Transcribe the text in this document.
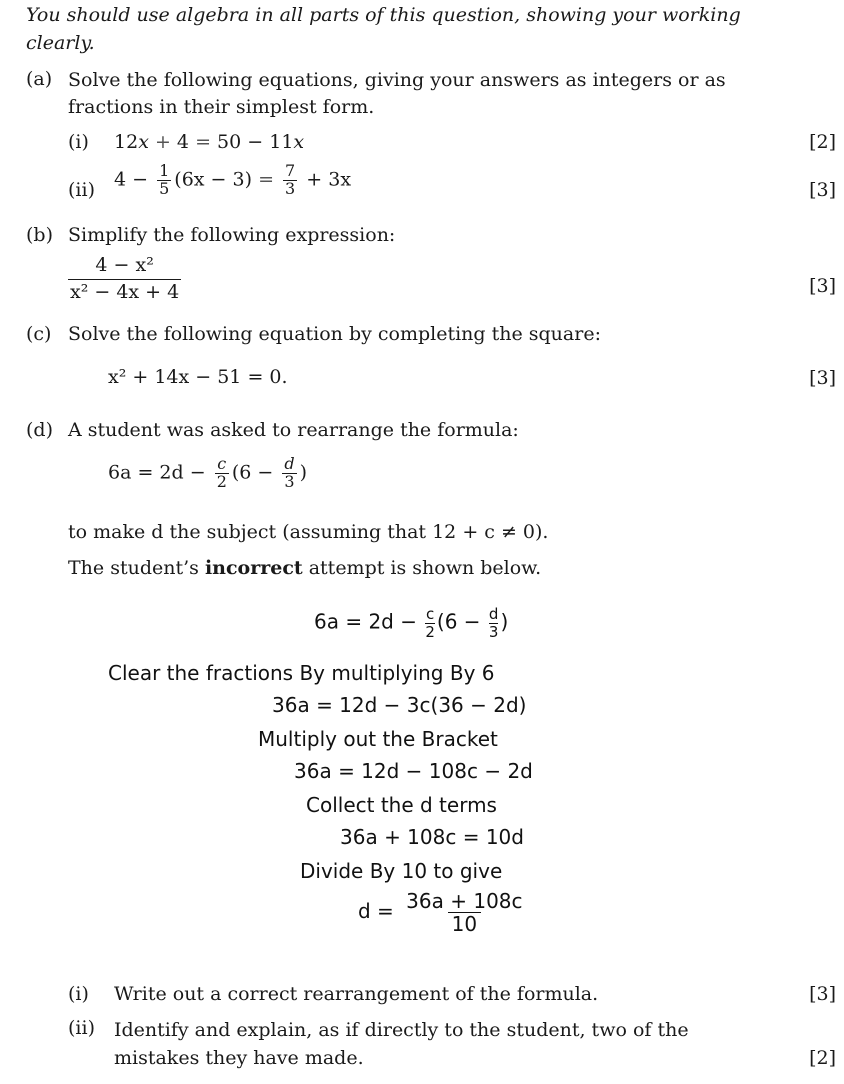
You should use algebra in all parts of this question, showing your working clearly.
(a) Solve the following equations, giving your answers as integers or as fractions in their simplest form.
(i) 12x + 4 = 50 − 11x	[2]
(ii) $4 - \frac{1}{5} (6x - 3) = \frac{7}{3} + 3x$	[3]
(b) Simplify the following expression:
$\frac{\text{4 − x²}}{\text{x² − 4x + 4}}$	[3]
(c) Solve the following equation by completing the square:
x² + 14x − 51 = 0.	[3]
(d) A student was asked to rearrange the formula:
$6a = 2d - \frac{c}{2} (6 - \frac{d}{3}$ )
to make d the subject (assuming that 12 + c ≠ 0).
The student’s incorrect attempt is shown below.
$6a = 2d - \frac{c}{2} (6 - \frac{d}{3}$ )
Clear the fractions By multiplying By 6
36a = 12d − 3c(36 − 2d)
Multiply out the Bracket
36a = 12d − 108c − 2d
Collect the d terms
36a + 108c = 10d
Divide By 10 to give
$d = \frac{36a + 108c}{10}$
(i) Write out a correct rearrangement of the formula.	[3]
(ii) Identify and explain, as if directly to the student, two of the mistakes they have made.	[2]
